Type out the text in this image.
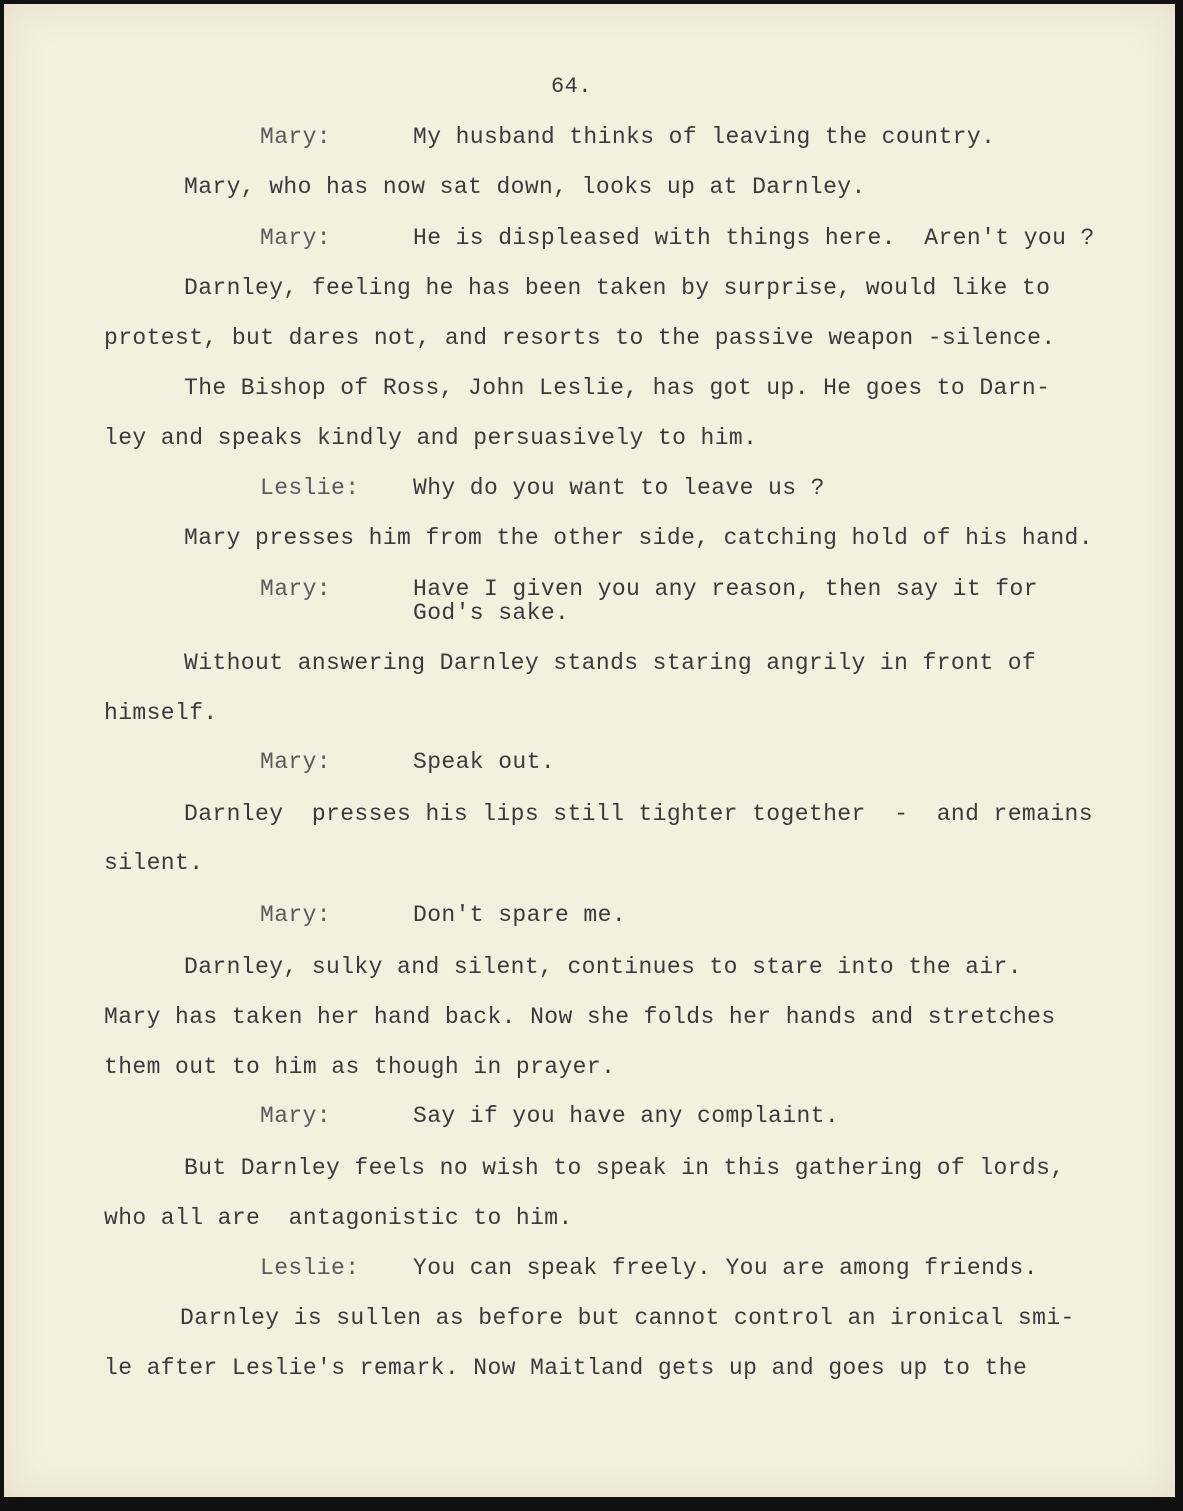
64.
Mary:	My husband thinks of leaving the country.
Mary, who has now sat down, looks up at Darnley.
Mary:	He is displeased with things here.  Aren't you ?
Darnley, feeling he has been taken by surprise, would like to
protest, but dares not, and resorts to the passive weapon -silence.
The Bishop of Ross, John Leslie, has got up. He goes to Darn-
ley and speaks kindly and persuasively to him.
Leslie: Why do you want to leave us ?
Mary presses him from the other side, catching hold of his hand.
Mary:	Have I given you any reason, then say it for
God's sake.
Without answering Darnley stands staring angrily in front of
himself.
Mary:	Speak out.
Darnley  presses his lips still tighter together  -  and remains
silent.
Mary:	Don't spare me.
Darnley, sulky and silent, continues to stare into the air.
Mary has taken her hand back. Now she folds her hands and stretches
them out to him as though in prayer.
Mary:	Say if you have any complaint.
But Darnley feels no wish to speak in this gathering of lords,
who all are  antagonistic to him.
Leslie: You can speak freely. You are among friends.
Darnley is sullen as before but cannot control an ironical smi-
le after Leslie's remark. Now Maitland gets up and goes up to the
